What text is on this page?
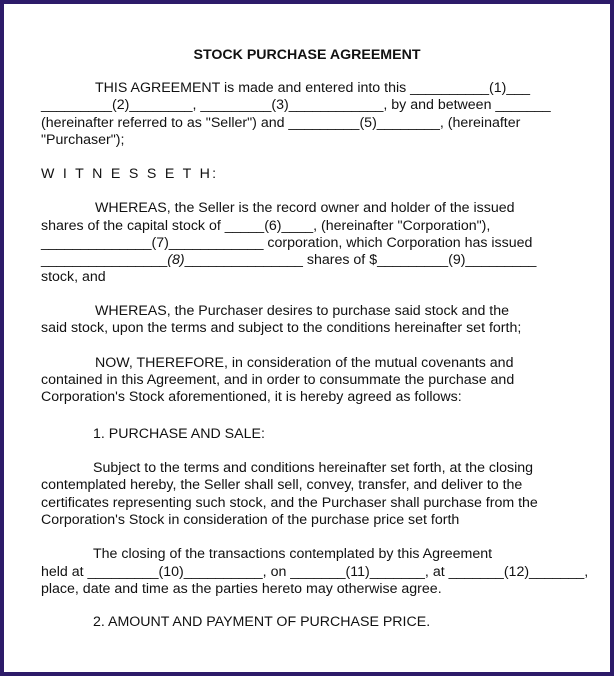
STOCK PURCHASE AGREEMENT
THIS AGREEMENT is made and entered into this __________(1)___
_________(2)________, _________(3)____________, by and between _______
(hereinafter referred to as "Seller") and _________(5)________, (hereinafter
"Purchaser");
W I T N E S S E T H:
WHEREAS, the Seller is the record owner and holder of the issued
shares of the capital stock of _____(6)____, (hereinafter "Corporation"),
______________(7)____________ corporation, which Corporation has issued
________________(8)_______________ shares of $_________(9)_________
stock, and
WHEREAS, the Purchaser desires to purchase said stock and the
said stock, upon the terms and subject to the conditions hereinafter set forth;
NOW, THEREFORE, in consideration of the mutual covenants and
contained in this Agreement, and in order to consummate the purchase and
Corporation's Stock aforementioned, it is hereby agreed as follows:
1. PURCHASE AND SALE:
Subject to the terms and conditions hereinafter set forth, at the closing
contemplated hereby, the Seller shall sell, convey, transfer, and deliver to the
certificates representing such stock, and the Purchaser shall purchase from the
Corporation's Stock in consideration of the purchase price set forth
The closing of the transactions contemplated by this Agreement
held at _________(10)__________, on _______(11)_______, at _______(12)_______,
place, date and time as the parties hereto may otherwise agree.
2. AMOUNT AND PAYMENT OF PURCHASE PRICE.
